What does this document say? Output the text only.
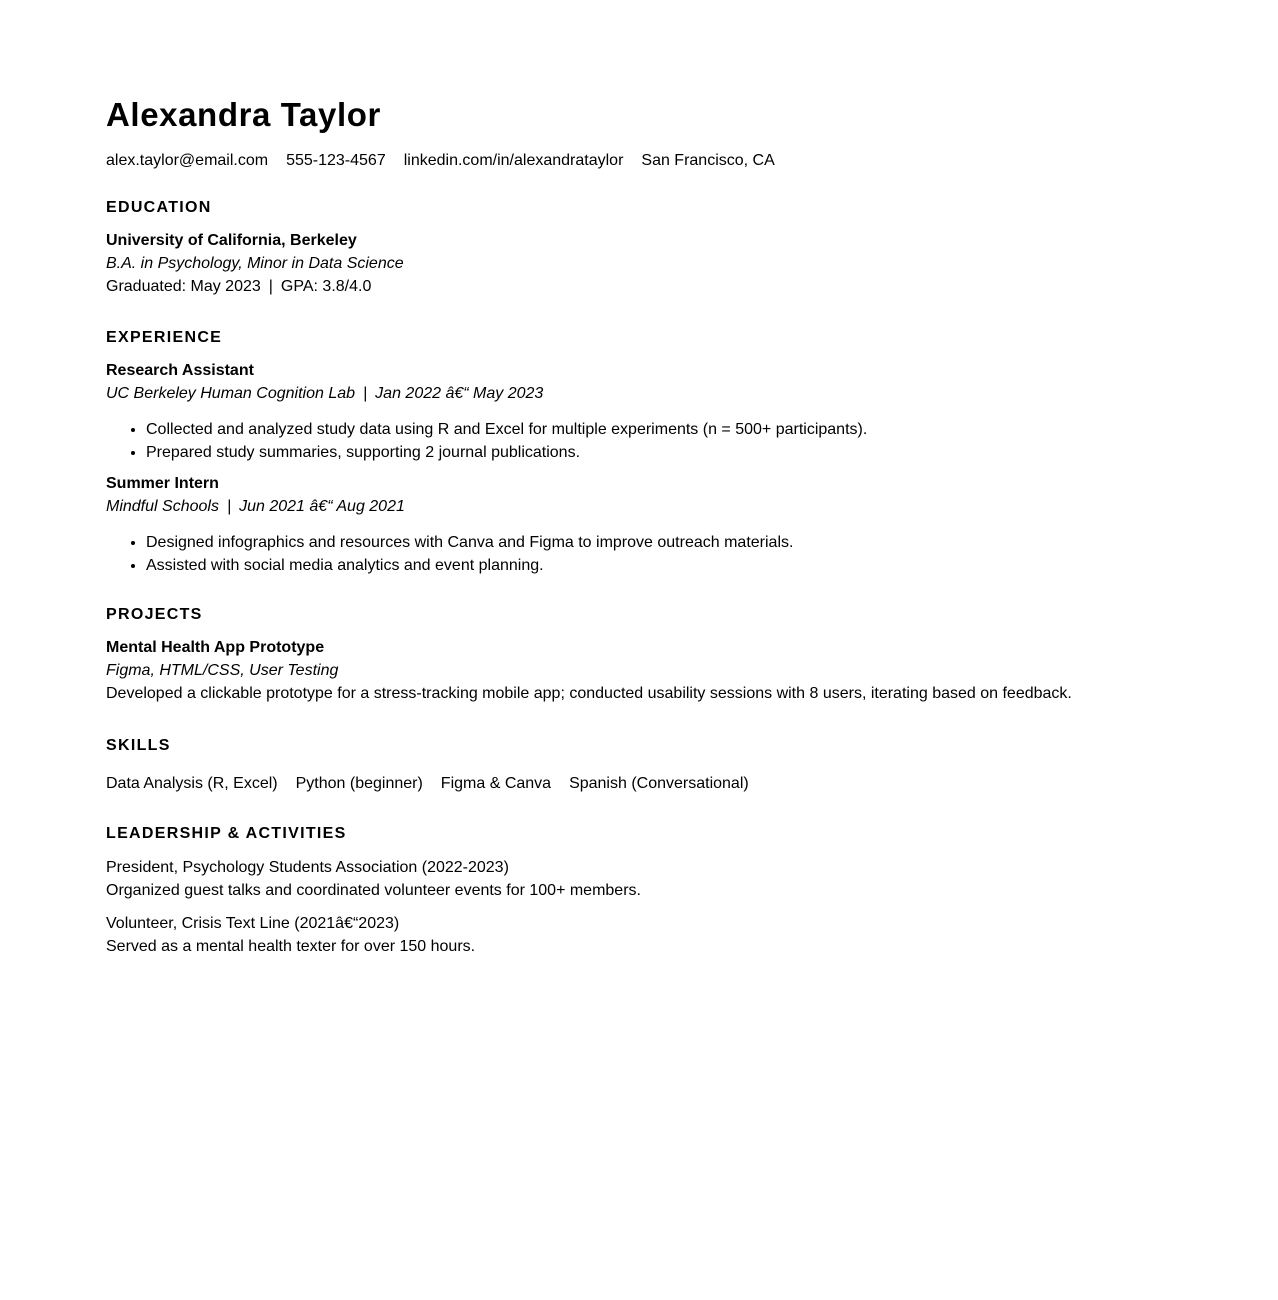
Alexandra Taylor
alex.taylor@email.com 555-123-4567 linkedin.com/in/alexandrataylor San Francisco, CA
EDUCATION
University of California, Berkeley
B.A. in Psychology, Minor in Data Science
Graduated: May 2023 | GPA: 3.8/4.0
EXPERIENCE
Research Assistant
UC Berkeley Human Cognition Lab | Jan 2022 â€“ May 2023
• Collected and analyzed study data using R and Excel for multiple experiments (n = 500+ participants).
• Prepared study summaries, supporting 2 journal publications.
Summer Intern
Mindful Schools | Jun 2021 â€“ Aug 2021
• Designed infographics and resources with Canva and Figma to improve outreach materials.
• Assisted with social media analytics and event planning.
PROJECTS
Mental Health App Prototype
Figma, HTML/CSS, User Testing
Developed a clickable prototype for a stress-tracking mobile app; conducted usability sessions with 8 users, iterating based on feedback.
SKILLS
Data Analysis (R, Excel) Python (beginner) Figma & Canva Spanish (Conversational)
LEADERSHIP & ACTIVITIES
President, Psychology Students Association (2022-2023)
Organized guest talks and coordinated volunteer events for 100+ members.
Volunteer, Crisis Text Line (2021â€“2023)
Served as a mental health texter for over 150 hours.
